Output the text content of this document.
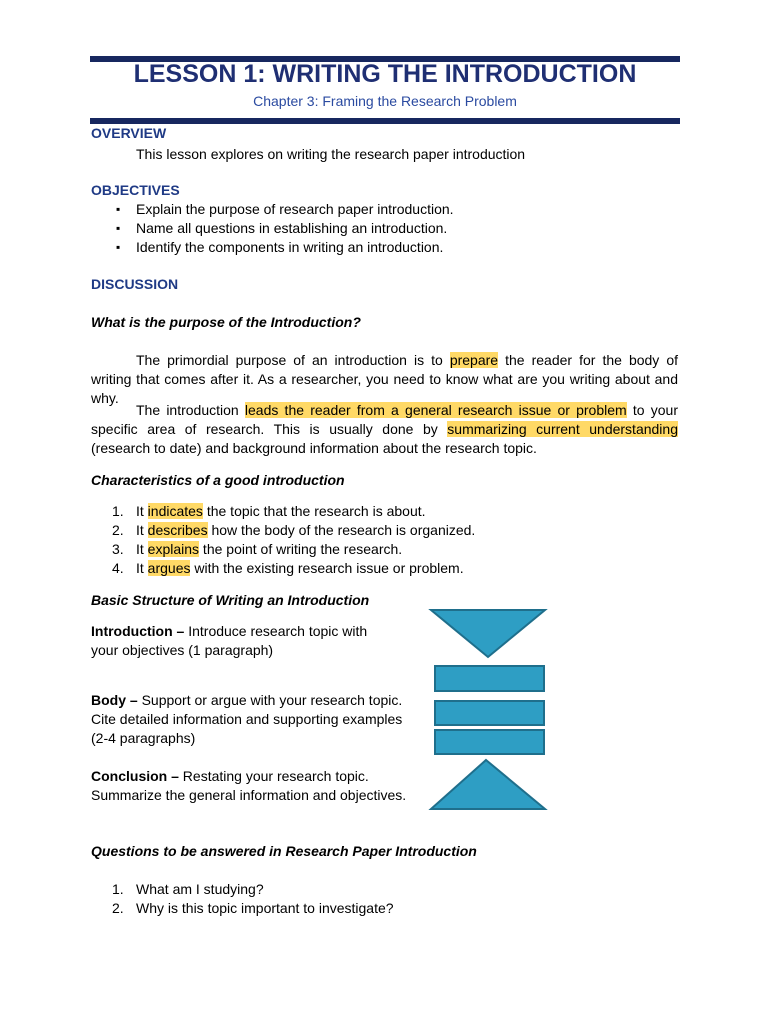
LESSON 1: WRITING THE INTRODUCTION
Chapter 3: Framing the Research Problem
OVERVIEW
This lesson explores on writing the research paper introduction
OBJECTIVES
▪ Explain the purpose of research paper introduction.
▪ Name all questions in establishing an introduction.
▪ Identify the components in writing an introduction.
DISCUSSION
What is the purpose of the Introduction?
The primordial purpose of an introduction is to prepare the reader for the body of writing that comes after it. As a researcher, you need to know what are you writing about and why.
The introduction leads the reader from a general research issue or problem to your specific area of research. This is usually done by summarizing current understanding (research to date) and background information about the research topic.
Characteristics of a good introduction
1. It indicates the topic that the research is about.
2. It describes how the body of the research is organized.
3. It explains the point of writing the research.
4. It argues with the existing research issue or problem.
Basic Structure of Writing an Introduction
Introduction – Introduce research topic with your objectives (1 paragraph)
Body – Support or argue with your research topic. Cite detailed information and supporting examples (2-4 paragraphs)
Conclusion – Restating your research topic. Summarize the general information and objectives.
Questions to be answered in Research Paper Introduction
1. What am I studying?
2. Why is this topic important to investigate?
